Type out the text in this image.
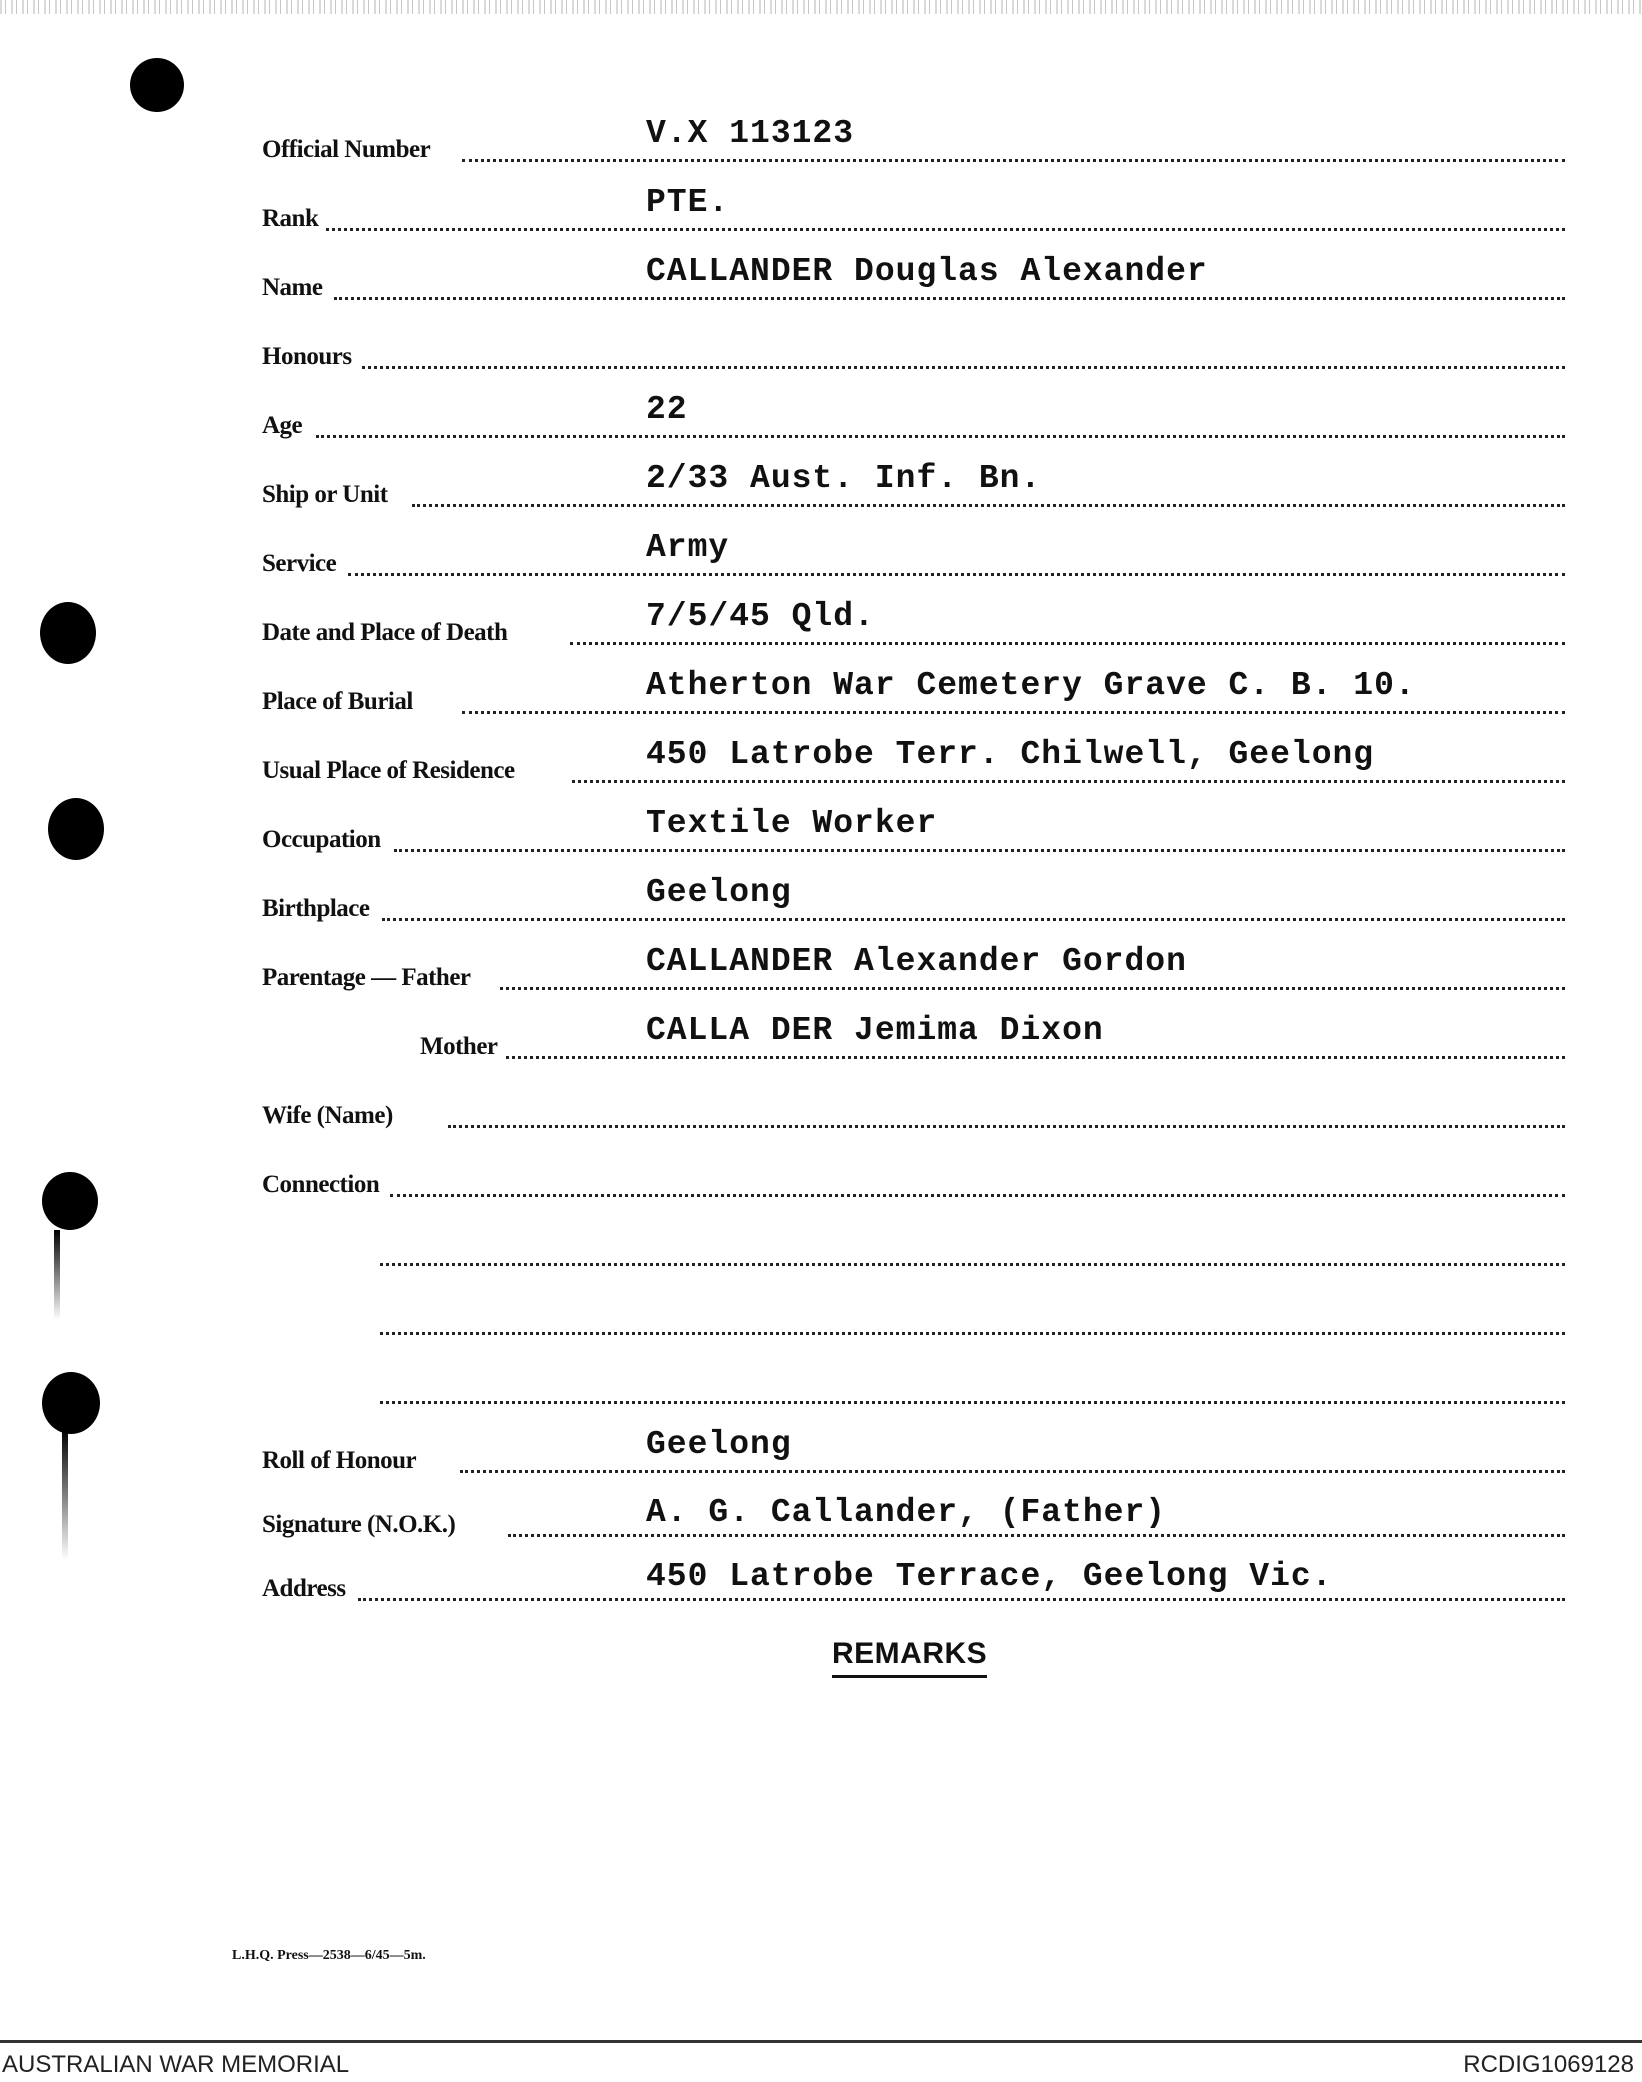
Official Number	V.X 113123
Rank	PTE.
Name	CALLANDER Douglas Alexander
Honours
Age	22
Ship or Unit	2/33 Aust. Inf. Bn.
Service	Army
Date and Place of Death	7/5/45 Qld.
Place of Burial	Atherton War Cemetery Grave C. B. 10.
Usual Place of Residence	450 Latrobe Terr. Chilwell, Geelong
Occupation	Textile Worker
Birthplace	Geelong
Parentage — Father	CALLANDER Alexander Gordon
Mother	CALLA DER Jemima Dixon
Wife (Name)
Connection
Roll of Honour	Geelong
Signature (N.O.K.)	A. G. Callander, (Father)
Address	450 Latrobe Terrace, Geelong Vic.
REMARKS
L.H.Q. Press—2538—6/45—5m.
AUSTRALIAN WAR MEMORIAL	RCDIG1069128
